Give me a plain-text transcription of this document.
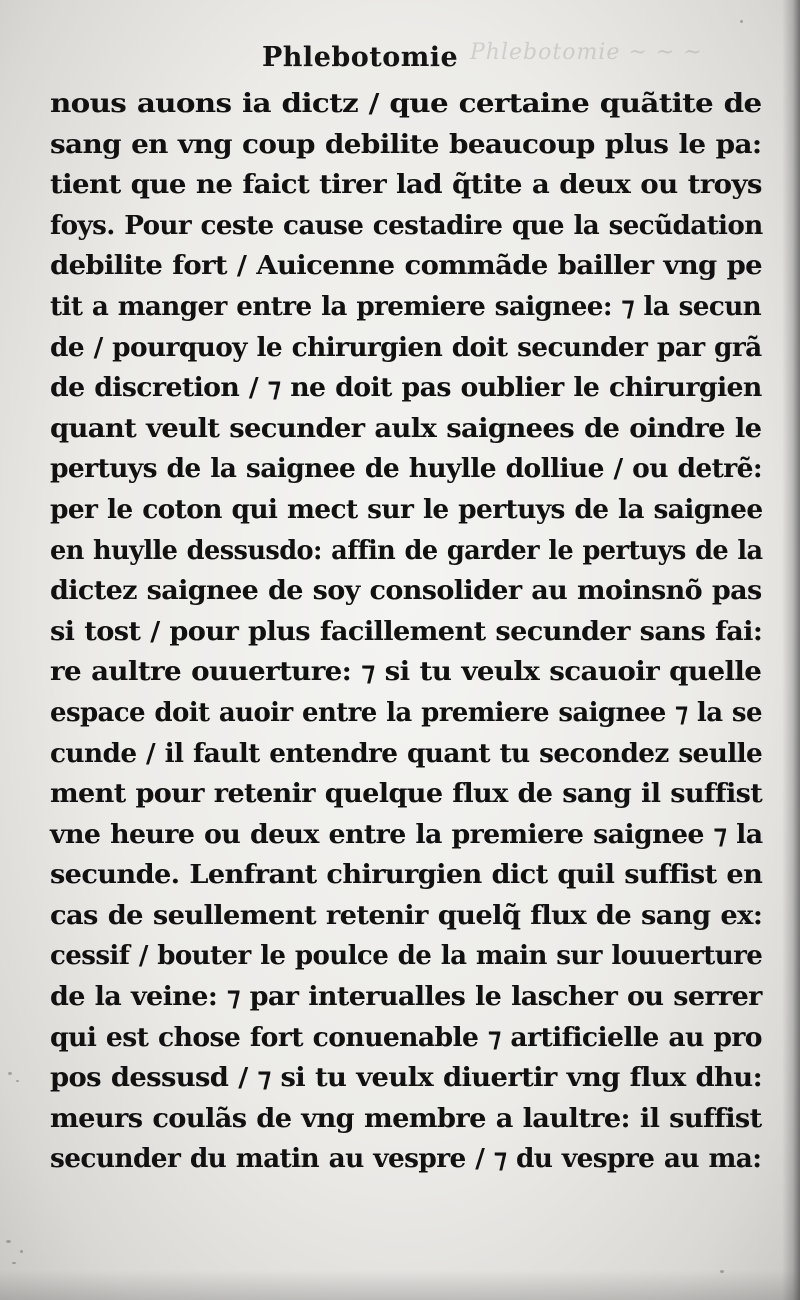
Phlebotomie ~ ~ ~
Phlebotomie
nous auons ia dictz / que certaine quãtite de
sang en vng coup debilite beaucoup plus le pa:
tient que ne faict tirer lad q̃tite a deux ou troys
foys. Pour ceste cause cestadire que la secũdation
debilite fort / Auicenne commãde bailler vng pe
tit a manger entre la premiere saignee: ⁊ la secun
de / pourquoy le chirurgien doit secunder par grã
de discretion / ⁊ ne doit pas oublier le chirurgien
quant veult secunder aulx saignees de oindre le
pertuys de la saignee de huylle dolliue / ou detrẽ:
per le coton qui mect sur le pertuys de la saignee
en huylle dessusdo: affin de garder le pertuys de la
dictez saignee de soy consolider au moinsnõ pas
si tost / pour plus facillement secunder sans fai:
re aultre ouuerture: ⁊ si tu veulx scauoir quelle
espace doit auoir entre la premiere saignee ⁊ la se
cunde / il fault entendre quant tu secondez seulle
ment pour retenir quelque flux de sang il suffist
vne heure ou deux entre la premiere saignee ⁊ la
secunde. Lenfrant chirurgien dict quil suffist en
cas de seullement retenir quelq̃ flux de sang ex:
cessif / bouter le poulce de la main sur louuerture
de la veine: ⁊ par interualles le lascher ou serrer
qui est chose fort conuenable ⁊ artificielle au pro
pos dessusd / ⁊ si tu veulx diuertir vng flux dhu:
meurs coulãs de vng membre a laultre: il suffist
secunder du matin au vespre / ⁊ du vespre au ma:
